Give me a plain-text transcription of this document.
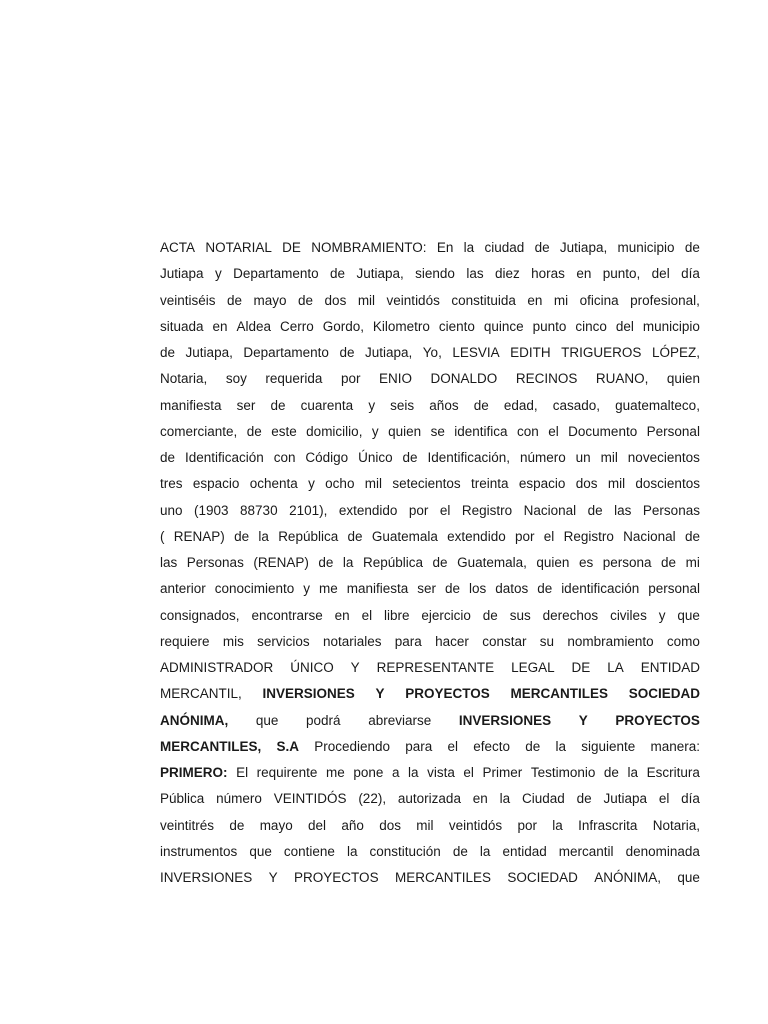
ACTA NOTARIAL DE NOMBRAMIENTO: En la ciudad de Jutiapa, municipio de
Jutiapa y Departamento de Jutiapa, siendo las diez horas en punto, del día
veintiséis de mayo de dos mil veintidós constituida en mi oficina profesional,
situada en Aldea Cerro Gordo, Kilometro ciento quince punto cinco del municipio
de Jutiapa, Departamento de Jutiapa, Yo, LESVIA EDITH TRIGUEROS LÓPEZ,
Notaria, soy requerida por ENIO DONALDO RECINOS RUANO, quien
manifiesta ser de cuarenta y seis años de edad, casado, guatemalteco,
comerciante, de este domicilio, y quien se identifica con el Documento Personal
de Identificación con Código Único de Identificación, número un mil novecientos
tres espacio ochenta y ocho mil setecientos treinta espacio dos mil doscientos
uno (1903 88730 2101), extendido por el Registro Nacional de las Personas
( RENAP) de la República de Guatemala extendido por el Registro Nacional de
las Personas (RENAP) de la República de Guatemala, quien es persona de mi
anterior conocimiento y me manifiesta ser de los datos de identificación personal
consignados, encontrarse en el libre ejercicio de sus derechos civiles y que
requiere mis servicios notariales para hacer constar su nombramiento como
ADMINISTRADOR ÚNICO Y REPRESENTANTE LEGAL DE LA ENTIDAD
MERCANTIL, INVERSIONES Y PROYECTOS MERCANTILES SOCIEDAD
ANÓNIMA, que podrá abreviarse INVERSIONES Y PROYECTOS
MERCANTILES, S.A Procediendo para el efecto de la siguiente manera:
PRIMERO: El requirente me pone a la vista el Primer Testimonio de la Escritura
Pública número VEINTIDÓS (22), autorizada en la Ciudad de Jutiapa el día
veintitrés de mayo del año dos mil veintidós por la Infrascrita Notaria,
instrumentos que contiene la constitución de la entidad mercantil denominada
INVERSIONES Y PROYECTOS MERCANTILES SOCIEDAD ANÓNIMA, que
